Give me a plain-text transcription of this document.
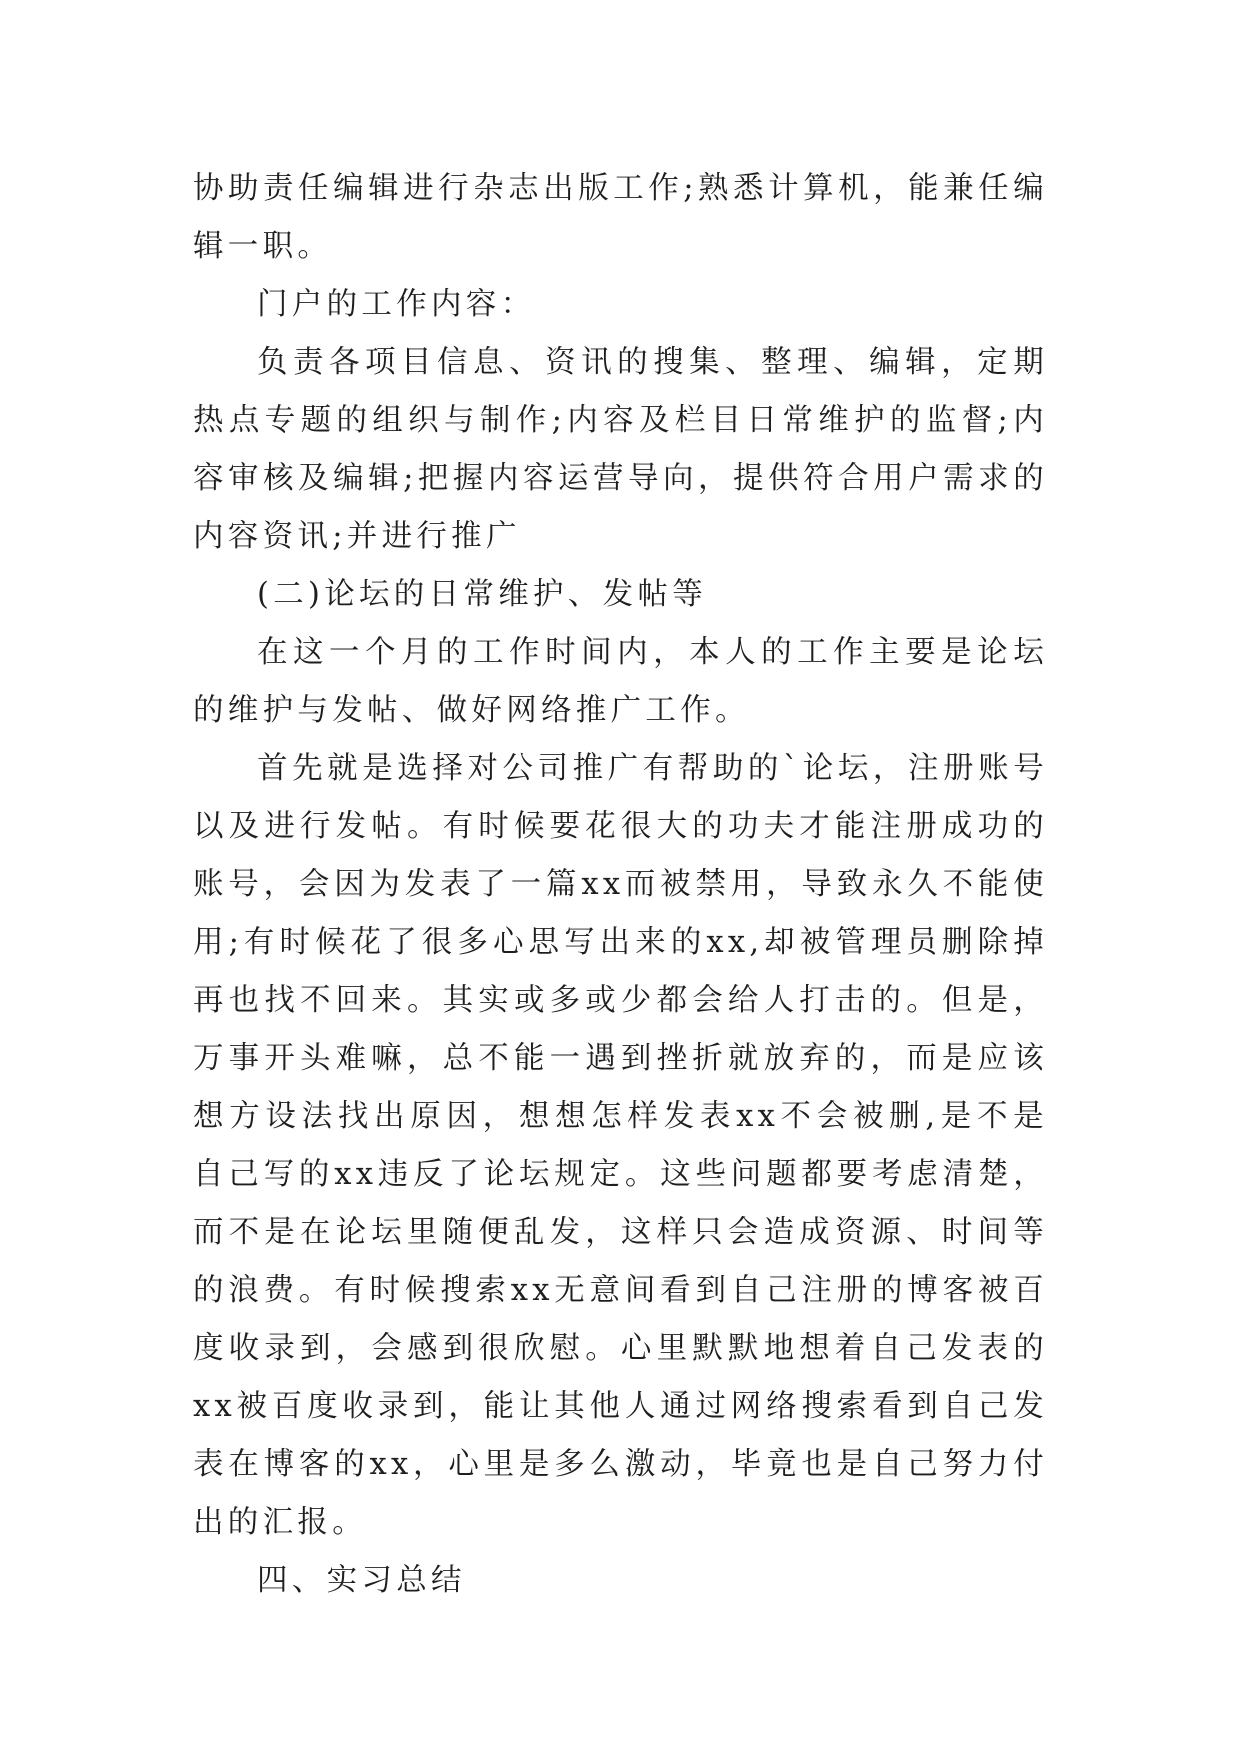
协助责任编辑进行杂志出版工作;熟悉计算机，能兼任编辑一职。

门户的工作内容：

负责各项目信息、资讯的搜集、整理、编辑，定期热点专题的组织与制作;内容及栏目日常维护的监督;内容审核及编辑;把握内容运营导向，提供符合用户需求的内容资讯;并进行推广

(二)论坛的日常维护、发帖等

在这一个月的工作时间内，本人的工作主要是论坛的维护与发帖、做好网络推广工作。

首先就是选择对公司推广有帮助的`论坛，注册账号以及进行发帖。有时候要花很大的功夫才能注册成功的账号，会因为发表了一篇xx而被禁用，导致永久不能使用;有时候花了很多心思写出来的xx,却被管理员删除掉再也找不回来。其实或多或少都会给人打击的。但是，万事开头难嘛，总不能一遇到挫折就放弃的，而是应该想方设法找出原因，想想怎样发表xx不会被删,是不是自己写的xx违反了论坛规定。这些问题都要考虑清楚，而不是在论坛里随便乱发，这样只会造成资源、时间等的浪费。有时候搜索xx无意间看到自己注册的博客被百度收录到，会感到很欣慰。心里默默地想着自己发表的xx被百度收录到，能让其他人通过网络搜索看到自己发表在博客的xx，心里是多么激动，毕竟也是自己努力付出的汇报。

四、实习总结
